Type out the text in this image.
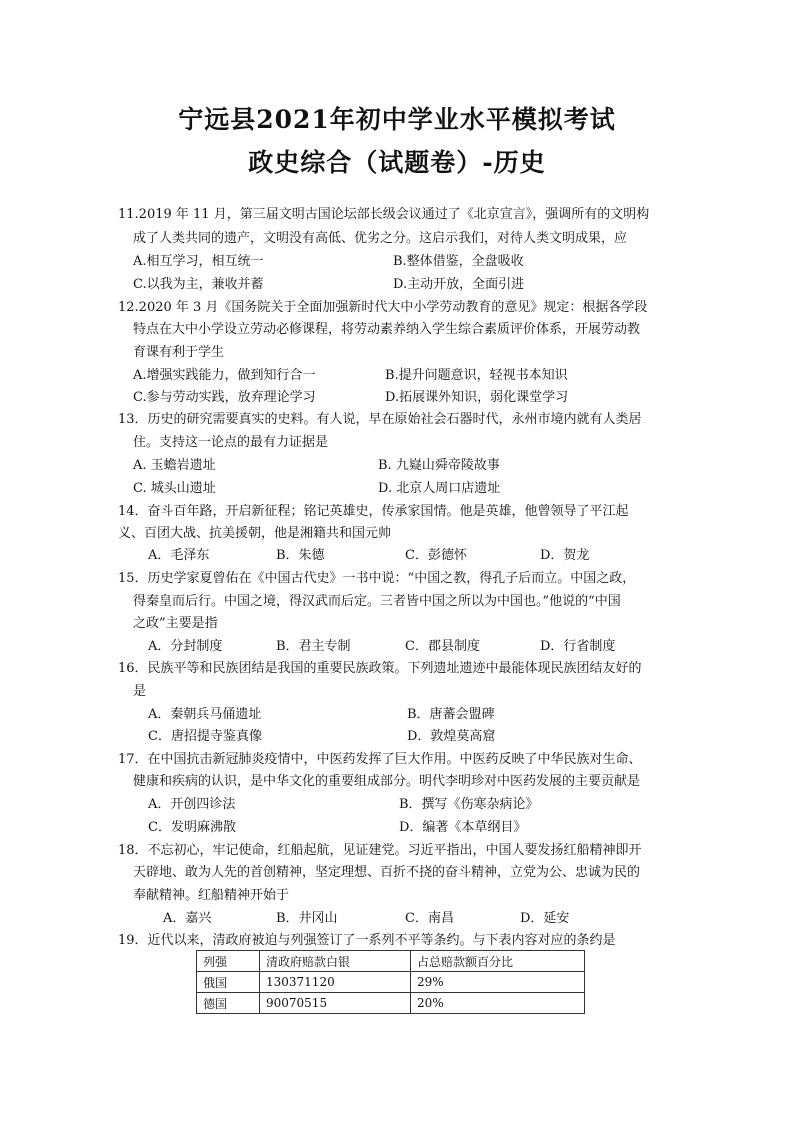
宁远县2021年初中学业水平模拟考试
政史综合（试题卷）-历史
11.2019 年 11 月，第三届文明古国论坛部长级会议通过了《北京宣言》，强调所有的文明构
成了人类共同的遗产，文明没有高低、优劣之分。这启示我们，对待人类文明成果，应
A.相互学习，相互统一	B.整体借鉴，全盘吸收
C.以我为主，兼收并蓄	D.主动开放，全面引进
12.2020 年 3 月《国务院关于全面加强新时代大中小学劳动教育的意见》规定：根据各学段
特点在大中小学设立劳动必修课程，将劳动素养纳入学生综合素质评价体系，开展劳动教
育课有利于学生
A.增强实践能力，做到知行合一	B.提升问题意识，轻视书本知识
C.参与劳动实践，放弃理论学习	D.拓展课外知识，弱化课堂学习
13．历史的研究需要真实的史料。有人说，早在原始社会石器时代，永州市境内就有人类居
住。支持这一论点的最有力证据是
A. 玉蟾岩遗址	B. 九嶷山舜帝陵故事
C. 城头山遗址	D. 北京人周口店遗址
14．奋斗百年路，开启新征程；铭记英雄史，传承家国情。他是英雄，他曾领导了平江起
义、百团大战、抗美援朝，他是湘籍共和国元帅
A．毛泽东	B．朱德	C．彭德怀	D．贺龙
15．历史学家夏曾佑在《中国古代史》一书中说：“中国之教，得孔子后而立。中国之政，
得秦皇而后行。中国之境，得汉武而后定。三者皆中国之所以为中国也。”他说的“中国
之政”主要是指
A．分封制度	B．君主专制	C．郡县制度	D．行省制度
16．民族平等和民族团结是我国的重要民族政策。下列遗址遗迹中最能体现民族团结友好的
是
A．秦朝兵马俑遗址	B．唐蕃会盟碑
C．唐招提寺鉴真像	D．敦煌莫高窟
17．在中国抗击新冠肺炎疫情中，中医药发挥了巨大作用。中医药反映了中华民族对生命、
健康和疾病的认识，是中华文化的重要组成部分。明代李明珍对中医药发展的主要贡献是
A．开创四诊法	B．撰写《伤寒杂病论》
C．发明麻沸散	D．编著《本草纲目》
18．不忘初心，牢记使命，红船起航，见证建党。习近平指出，中国人要发扬红船精神即开
天辟地、敢为人先的首创精神，坚定理想、百折不挠的奋斗精神，立党为公、忠诚为民的
奉献精神。红船精神开始于
A．嘉兴	B．井冈山	C．南昌	D．延安
19．近代以来，清政府被迫与列强签订了一系列不平等条约。与下表内容对应的条约是
列强	清政府赔款白银	占总赔款额百分比
俄国	130371120	29%
德国	90070515	20%
